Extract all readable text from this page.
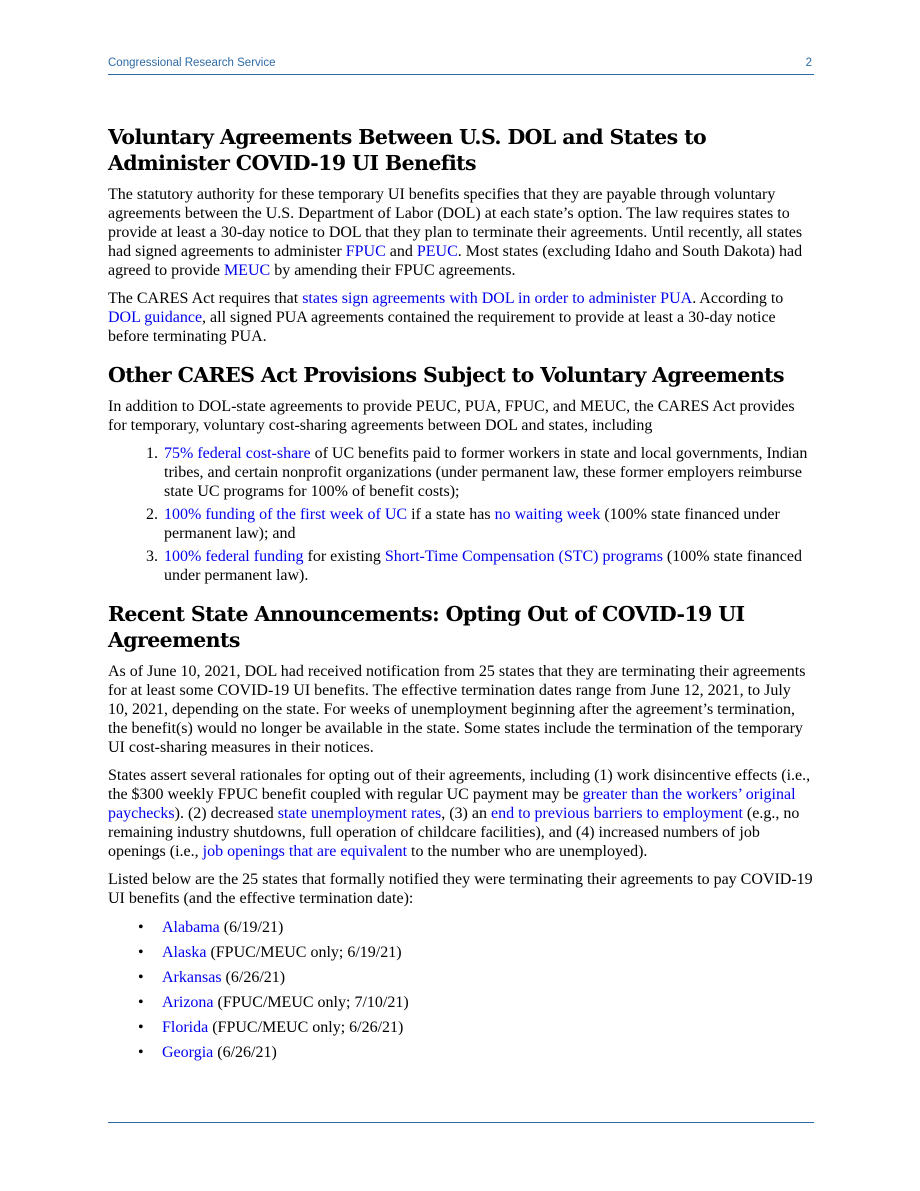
Congressional Research Service	2
Voluntary Agreements Between U.S. DOL and States to Administer COVID-19 UI Benefits

The statutory authority for these temporary UI benefits specifies that they are payable through voluntary agreements between the U.S. Department of Labor (DOL) at each state’s option. The law requires states to provide at least a 30-day notice to DOL that they plan to terminate their agreements. Until recently, all states had signed agreements to administer FPUC and PEUC. Most states (excluding Idaho and South Dakota) had agreed to provide MEUC by amending their FPUC agreements.

The CARES Act requires that states sign agreements with DOL in order to administer PUA. According to DOL guidance, all signed PUA agreements contained the requirement to provide at least a 30-day notice before terminating PUA.

Other CARES Act Provisions Subject to Voluntary Agreements

In addition to DOL-state agreements to provide PEUC, PUA, FPUC, and MEUC, the CARES Act provides for temporary, voluntary cost-sharing agreements between DOL and states, including

1. 75% federal cost-share of UC benefits paid to former workers in state and local governments, Indian tribes, and certain nonprofit organizations (under permanent law, these former employers reimburse state UC programs for 100% of benefit costs);
2. 100% funding of the first week of UC if a state has no waiting week (100% state financed under permanent law); and
3. 100% federal funding for existing Short-Time Compensation (STC) programs (100% state financed under permanent law).
Recent State Announcements: Opting Out of COVID-19 UI Agreements

As of June 10, 2021, DOL had received notification from 25 states that they are terminating their agreements for at least some COVID-19 UI benefits. The effective termination dates range from June 12, 2021, to July 10, 2021, depending on the state. For weeks of unemployment beginning after the agreement’s termination, the benefit(s) would no longer be available in the state. Some states include the termination of the temporary UI cost-sharing measures in their notices.

States assert several rationales for opting out of their agreements, including (1) work disincentive effects (i.e., the $300 weekly FPUC benefit coupled with regular UC payment may be greater than the workers’ original paychecks). (2) decreased state unemployment rates, (3) an end to previous barriers to employment (e.g., no remaining industry shutdowns, full operation of childcare facilities), and (4) increased numbers of job openings (i.e., job openings that are equivalent to the number who are unemployed).

Listed below are the 25 states that formally notified they were terminating their agreements to pay COVID-19 UI benefits (and the effective termination date):

• Alabama (6/19/21)
• Alaska (FPUC/MEUC only; 6/19/21)
• Arkansas (6/26/21)
• Arizona (FPUC/MEUC only; 7/10/21)
• Florida (FPUC/MEUC only; 6/26/21)
• Georgia (6/26/21)
